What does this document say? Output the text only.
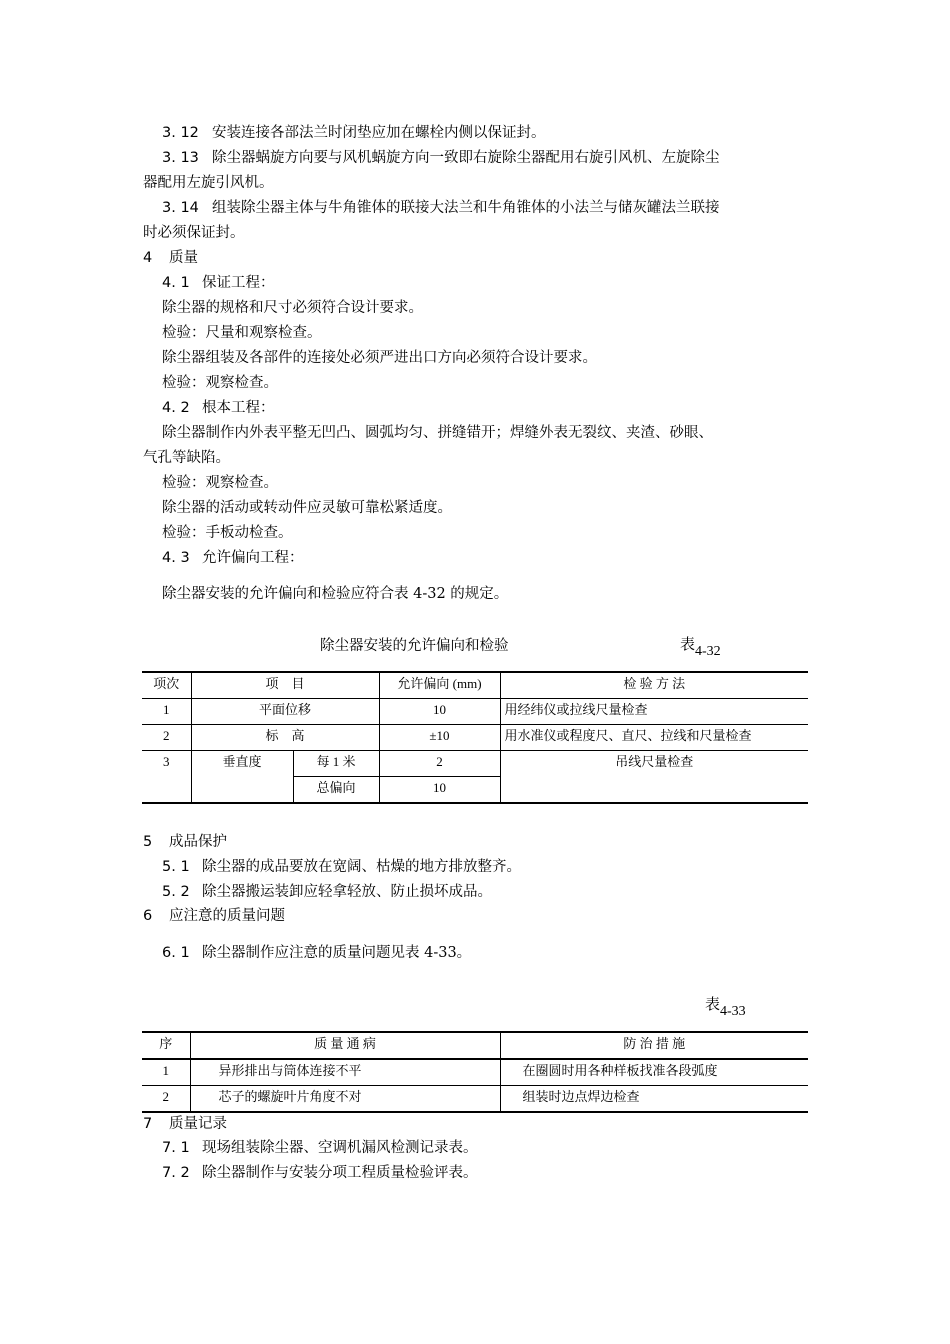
3. 12 安装连接各部法兰时闭垫应加在螺栓内侧以保证封。
3. 13 除尘器蜗旋方向要与风机蜗旋方向一致即右旋除尘器配用右旋引风机、左旋除尘
器配用左旋引风机。
3. 14 组装除尘器主体与牛角锥体的联接大法兰和牛角锥体的小法兰与储灰罐法兰联接
时必须保证封。
4 质量
4. 1 保证工程：
除尘器的规格和尺寸必须符合设计要求。
检验：尺量和观察检查。
除尘器组装及各部件的连接处必须严进出口方向必须符合设计要求。
检验：观察检查。
4. 2 根本工程：
除尘器制作内外表平整无凹凸、圆弧均匀、拼缝错开；焊缝外表无裂纹、夹渣、砂眼、
气孔等缺陷。
检验：观察检查。
除尘器的活动或转动件应灵敏可靠松紧适度。
检验：手板动检查。
4. 3 允许偏向工程：
除尘器安装的允许偏向和检验应符合表 4-32 的规定。
除尘器安装的允许偏向和检验	表4-32
项次	项　目		允许偏向 (mm)	检 验 方 法
1	平面位移		10	用经纬仪或拉线尺量检查
2	标　高		±10	用水准仪或程度尺、直尺、拉线和尺量检查
3	垂直度	每 1 米	2	吊线尺量检查
		总偏向	10	
5 成品保护
5. 1 除尘器的成品要放在宽阔、枯燥的地方排放整齐。
5. 2 除尘器搬运装卸应轻拿轻放、防止损坏成品。
6 应注意的质量问题
6. 1 除尘器制作应注意的质量问题见表 4-33。
表4-33
序	质 量 通 病	防 治 措 施
1	异形排出与筒体连接不平	在圈圆时用各种样板找准各段弧度
2	芯子的螺旋叶片角度不对	组装时边点焊边检查
7 质量记录
7. 1 现场组装除尘器、空调机漏风检测记录表。
7. 2 除尘器制作与安装分项工程质量检验评表。
